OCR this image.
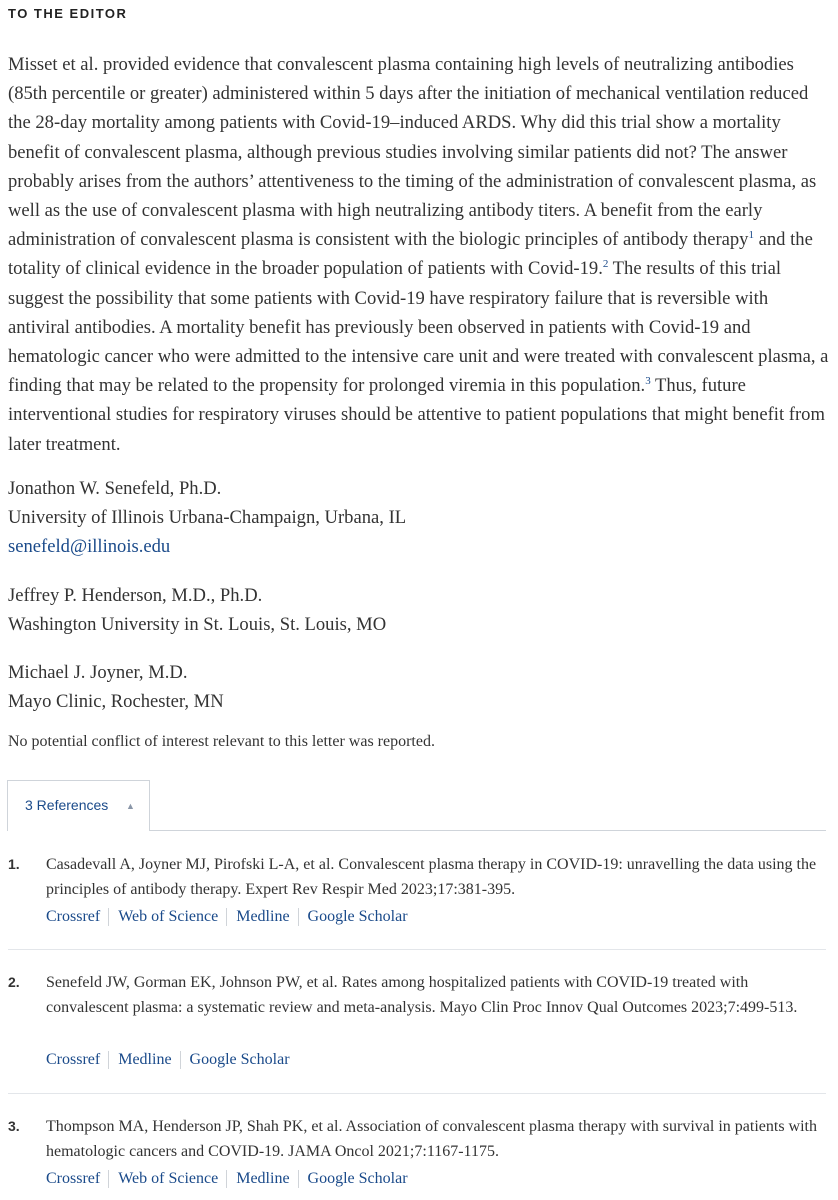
TO THE EDITOR

Misset et al. provided evidence that convalescent plasma containing high levels of neutralizing antibodies (85th percentile or greater) administered within 5 days after the initiation of mechanical ventilation reduced the 28-day mortality among patients with Covid-19–induced ARDS. Why did this trial show a mortality benefit of convalescent plasma, although previous studies involving similar patients did not? The answer probably arises from the authors’ attentiveness to the timing of the administration of convalescent plasma, as well as the use of convalescent plasma with high neutralizing antibody titers. A benefit from the early administration of convalescent plasma is consistent with the biologic principles of antibody therapy$^1$ and the totality of clinical evidence in the broader population of patients with Covid-19.$^2$ The results of this trial suggest the possibility that some patients with Covid-19 have respiratory failure that is reversible with antiviral antibodies. A mortality benefit has previously been observed in patients with Covid-19 and hematologic cancer who were admitted to the intensive care unit and were treated with convalescent plasma, a finding that may be related to the propensity for prolonged viremia in this population.$^3$ Thus, future interventional studies for respiratory viruses should be attentive to patient populations that might benefit from later treatment.

Jonathon W. Senefeld, Ph.D.
University of Illinois Urbana-Champaign, Urbana, IL
senefeld@illinois.edu
Jeffrey P. Henderson, M.D., Ph.D.
Washington University in St. Louis, St. Louis, MO
Michael J. Joyner, M.D.
Mayo Clinic, Rochester, MN
No potential conflict of interest relevant to this letter was reported.
3 References ▲
1. Casadevall A, Joyner MJ, Pirofski L-A, et al. Convalescent plasma therapy in COVID-19: unravelling the data using the principles of antibody therapy. Expert Rev Respir Med 2023;17:381-395.
Crossref Web of Science Medline Google Scholar
2. Senefeld JW, Gorman EK, Johnson PW, et al. Rates among hospitalized patients with COVID-19 treated with convalescent plasma: a systematic review and meta-analysis. Mayo Clin Proc Innov Qual Outcomes 2023;7:499-513.
Crossref Medline Google Scholar
3. Thompson MA, Henderson JP, Shah PK, et al. Association of convalescent plasma therapy with survival in patients with hematologic cancers and COVID-19. JAMA Oncol 2021;7:1167-1175.
Crossref Web of Science Medline Google Scholar
